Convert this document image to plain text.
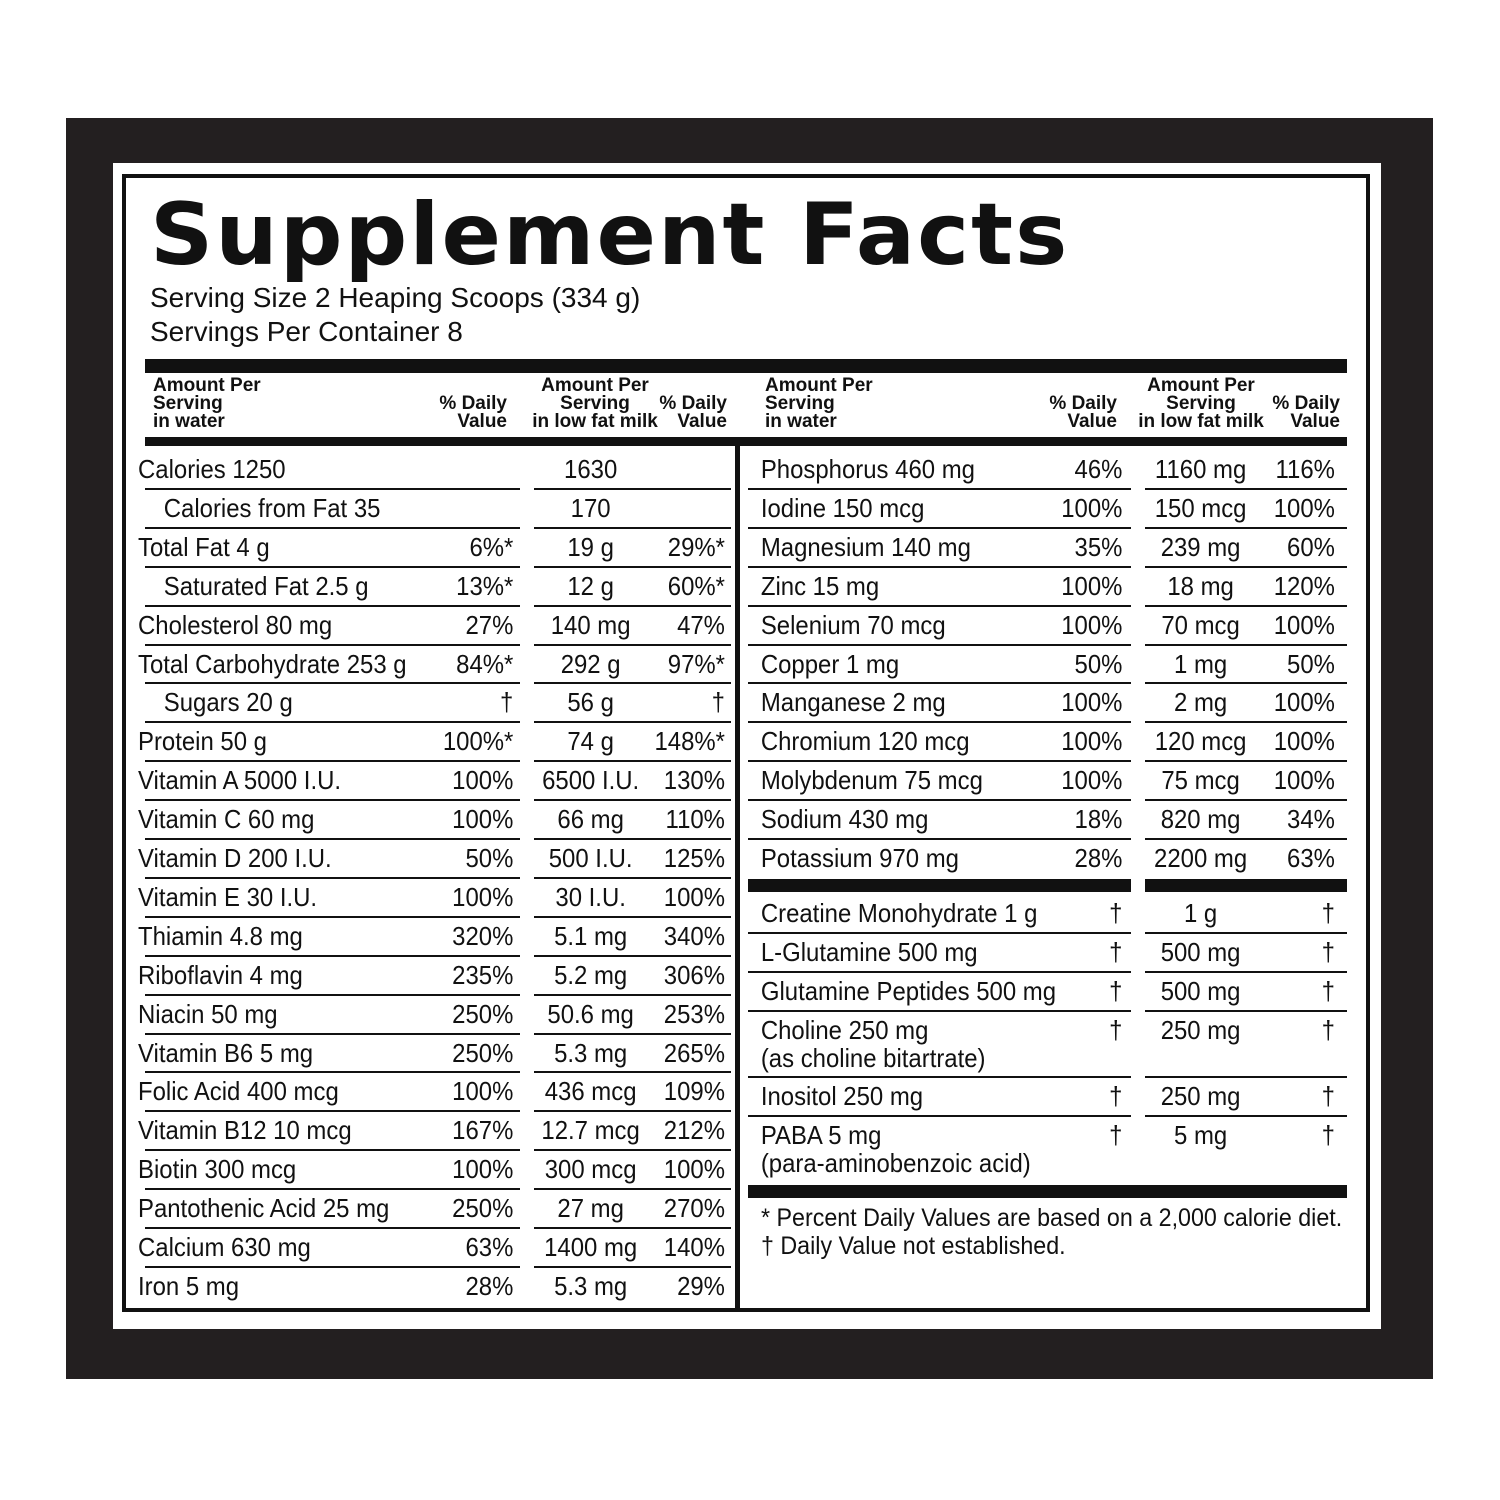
Supplement Facts
Serving Size 2 Heaping Scoops (334 g)
Servings Per Container 8
Amount Per
Serving
in water
% Daily
Value
Amount Per
Serving
in low fat milk
% Daily
Value
Amount Per
Serving
in water
% Daily
Value
Amount Per
Serving
in low fat milk
% Daily
Value
Calories 1250	1630
Calories from Fat 35	170
Total Fat 4 g	6%*	19 g	29%*
Saturated Fat 2.5 g	13%*	12 g	60%*
Cholesterol 80 mg	27%	140 mg	47%
Total Carbohydrate 253 g	84%*	292 g	97%*
Sugars 20 g	†	56 g	†
Protein 50 g	100%*	74 g	148%*
Vitamin A 5000 I.U.	100%	6500 I.U. 130%
Vitamin C 60 mg	100%	66 mg	110%
Vitamin D 200 I.U.	50%	500 I.U.	125%
Vitamin E 30 I.U.	100%	30 I.U.	100%
Thiamin 4.8 mg	320%	5.1 mg	340%
Riboflavin 4 mg	235%	5.2 mg	306%
Niacin 50 mg	250%	50.6 mg	253%
Vitamin B6 5 mg	250%	5.3 mg	265%
Folic Acid 400 mcg	100%	436 mcg	109%
Vitamin B12 10 mcg	167%	12.7 mcg 212%
Biotin 300 mcg	100%	300 mcg	100%
Pantothenic Acid 25 mg	250%	27 mg	270%
Calcium 630 mg	63%	1400 mg	140%
Iron 5 mg	28%	5.3 mg	29%
Phosphorus 460 mg	46%	1160 mg	116%
Iodine 150 mcg	100%	150 mcg	100%
Magnesium 140 mg	35%	239 mg	60%
Zinc 15 mg	100%	18 mg	120%
Selenium 70 mcg	100%	70 mcg	100%
Copper 1 mg	50%	1 mg	50%
Manganese 2 mg	100%	2 mg	100%
Chromium 120 mcg	100%	120 mcg	100%
Molybdenum 75 mcg	100%	75 mcg	100%
Sodium 430 mg	18%	820 mg	34%
Potassium 970 mg	28%	2200 mg	63%
Creatine Monohydrate 1 g	†	1 g	†
L-Glutamine 500 mg	†	500 mg	†
Glutamine Peptides 500 mg	†	500 mg	†
Choline 250 mg
(as choline bitartrate)
†	250 mg	†
Inositol 250 mg	†	250 mg	†
PABA 5 mg
(para-aminobenzoic acid)
†	5 mg	†
* Percent Daily Values are based on a 2,000 calorie diet.
† Daily Value not established.
